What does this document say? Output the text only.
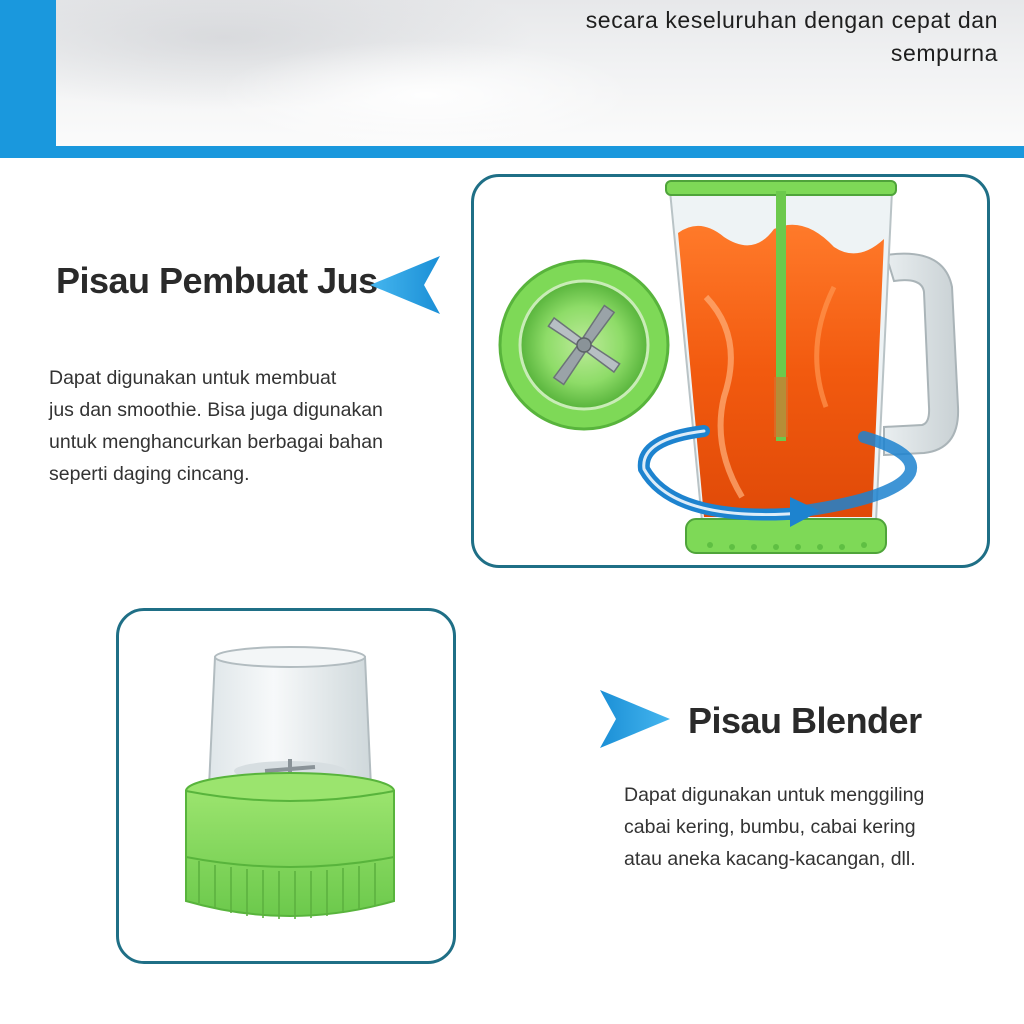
secara keseluruhan dengan cepat dan
sempurna
Pisau Pembuat Jus
Dapat digunakan untuk membuat
jus dan smoothie. Bisa juga digunakan
untuk menghancurkan berbagai bahan
seperti daging cincang.
Pisau Blender
Dapat digunakan untuk menggiling
cabai kering, bumbu, cabai kering
atau aneka kacang-kacangan, dll.
